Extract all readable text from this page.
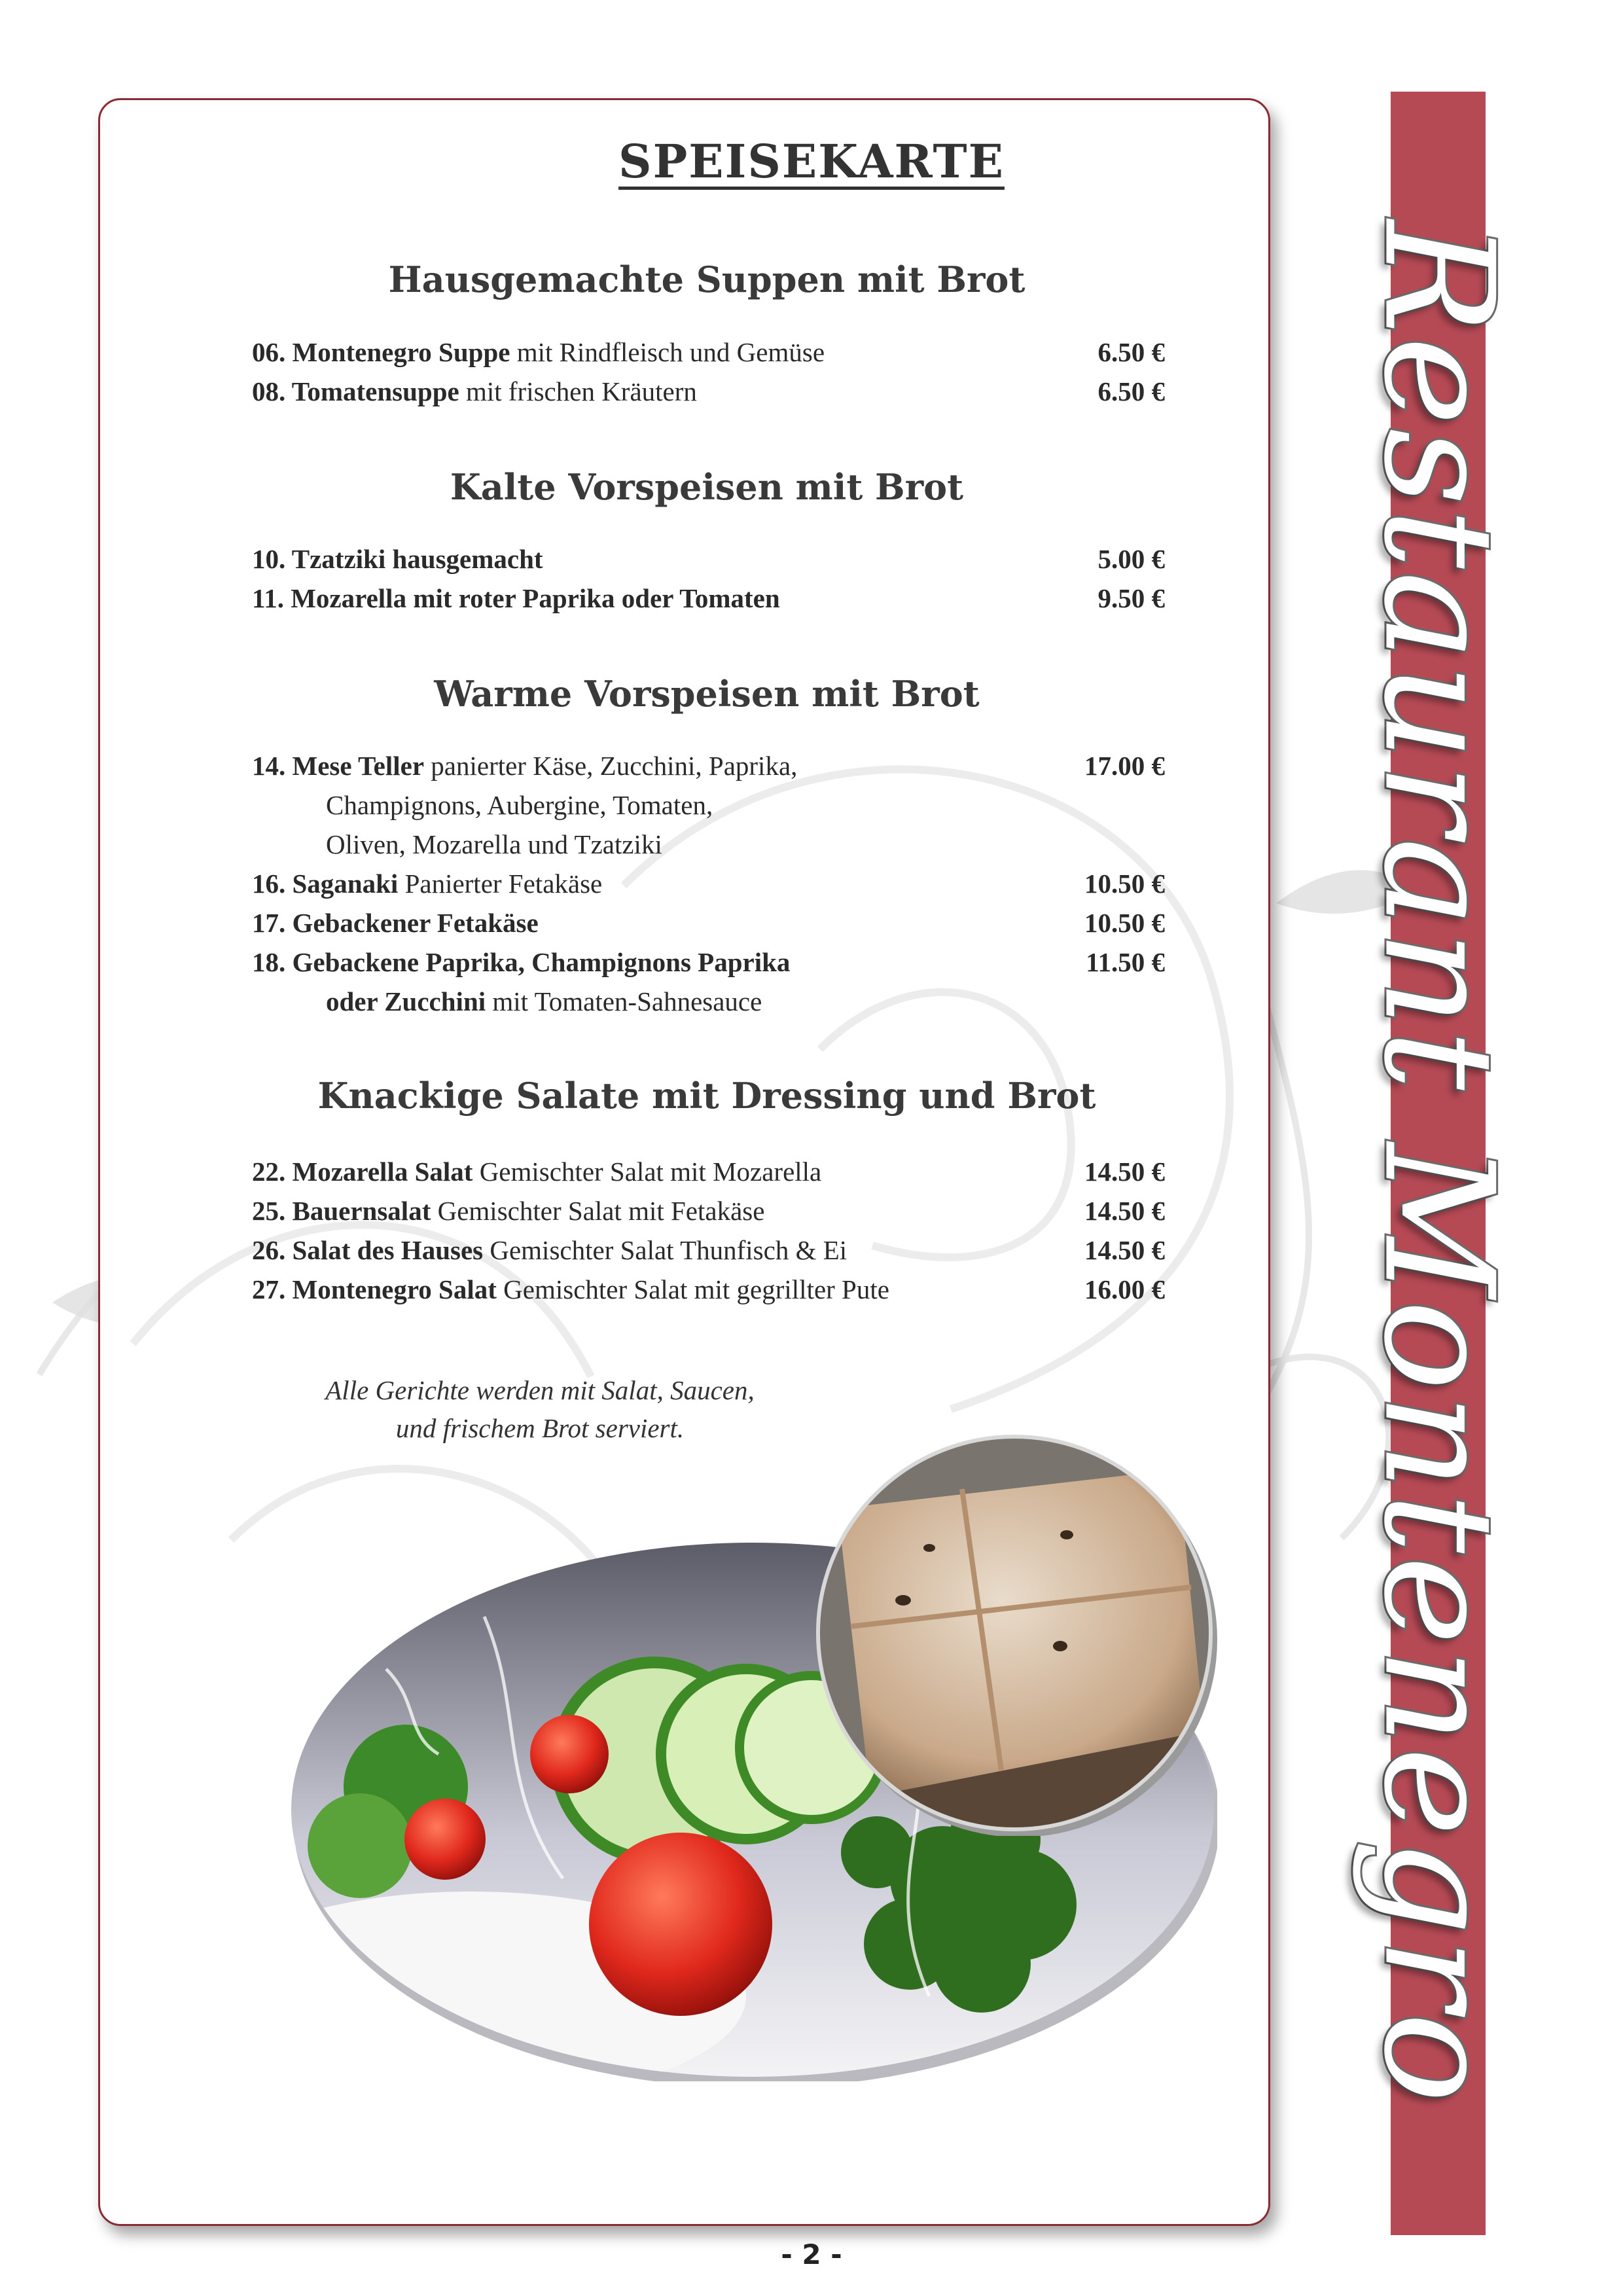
SPEISEKARTE
Hausgemachte Suppen mit Brot
06. Montenegro Suppe mit Rindfleisch und Gemüse	6.50 €
08. Tomatensuppe mit frischen Kräutern	6.50 €
Kalte Vorspeisen mit Brot
10. Tzatziki hausgemacht	5.00 €
11. Mozarella mit roter Paprika oder Tomaten	9.50 €
Warme Vorspeisen mit Brot
14. Mese Teller panierter Käse, Zucchini, Paprika,	17.00 €
Champignons, Aubergine, Tomaten,
Oliven, Mozarella und Tzatziki
16. Saganaki Panierter Fetakäse	10.50 €
17. Gebackener Fetakäse	10.50 €
18. Gebackene Paprika, Champignons Paprika	11.50 €
oder Zucchini mit Tomaten-Sahnesauce
Knackige Salate mit Dressing und Brot
22. Mozarella Salat Gemischter Salat mit Mozarella	14.50 €
25. Bauernsalat Gemischter Salat mit Fetakäse	14.50 €
26. Salat des Hauses Gemischter Salat Thunfisch & Ei	14.50 €
27. Montenegro Salat Gemischter Salat mit gegrillter Pute	16.00 €
Alle Gerichte werden mit Salat, Saucen,
und frischem Brot serviert.	Restaurant Montenegro
- 2 -
